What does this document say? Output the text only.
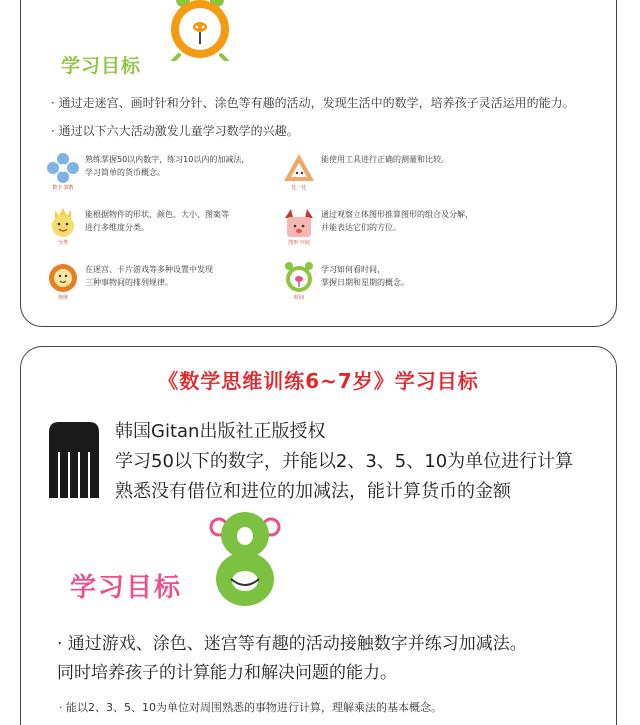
学习目标
· 通过走迷宫、画时针和分针、涂色等有趣的活动，发现生活中的数学，培养孩子灵活运用的能力。
· 通过以下六大活动激发儿童学习数学的兴趣。
数字·算数
熟练掌握50以内数字，练习10以内的加减法，
学习简单的货币概念。
比一比
能使用工具进行正确的测量和比较。
分类
能根据物件的形状、颜色、大小、图案等
进行多维度分类。
图形·空间
通过观察立体图形推算图形的组合及分解，
并能表达它们的方位。
规律
在迷宫、卡片游戏等多种设置中发现
三种事物间的排列规律。
时间
学习如何看时间，
掌握日期和星期的概念。
《数学思维训练6~7岁》学习目标
韩国Gitan出版社正版授权
学习50以下的数字，并能以2、3、5、10为单位进行计算
熟悉没有借位和进位的加减法，能计算货币的金额
学习目标
· 通过游戏、涂色、迷宫等有趣的活动接触数字并练习加减法。
同时培养孩子的计算能力和解决问题的能力。
· 能以2、3、5、10为单位对周围熟悉的事物进行计算，理解乘法的基本概念。
